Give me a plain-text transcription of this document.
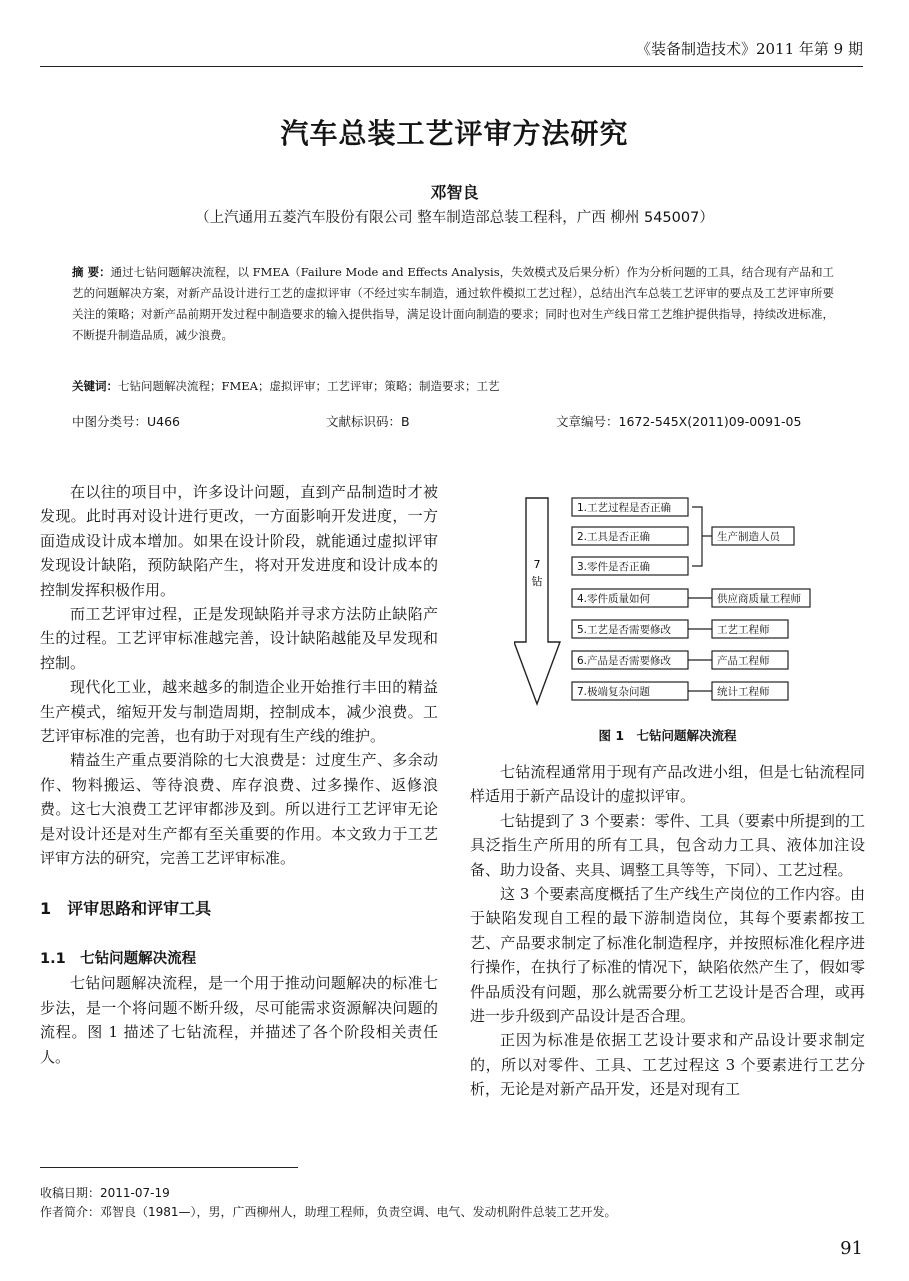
《装备制造技术》2011 年第 9 期
汽车总装工艺评审方法研究
邓智良
（上汽通用五菱汽车股份有限公司 整车制造部总装工程科，广西 柳州 545007）
摘 要：通过七钻问题解决流程，以 FMEA（Failure Mode and Effects Analysis，失效模式及后果分析）作为分析问题的工具，结合现有产品和工艺的问题解决方案，对新产品设计进行工艺的虚拟评审（不经过实车制造，通过软件模拟工艺过程），总结出汽车总装工艺评审的要点及工艺评审所要关注的策略；对新产品前期开发过程中制造要求的输入提供指导，满足设计面向制造的要求；同时也对生产线日常工艺维护提供指导，持续改进标准，不断提升制造品质，减少浪费。
关键词：七钻问题解决流程；FMEA；虚拟评审；工艺评审；策略；制造要求；工艺
中图分类号：U466	文献标识码：B	文章编号：1672-545X(2011)09-0091-05

在以往的项目中，许多设计问题，直到产品制造时才被发现。此时再对设计进行更改，一方面影响开发进度，一方面造成设计成本增加。如果在设计阶段，就能通过虚拟评审发现设计缺陷，预防缺陷产生，将对开发进度和设计成本的控制发挥积极作用。

而工艺评审过程，正是发现缺陷并寻求方法防止缺陷产生的过程。工艺评审标准越完善，设计缺陷越能及早发现和控制。

现代化工业，越来越多的制造企业开始推行丰田的精益生产模式，缩短开发与制造周期，控制成本，减少浪费。工艺评审标准的完善，也有助于对现有生产线的维护。

精益生产重点要消除的七大浪费是：过度生产、多余动作、物料搬运、等待浪费、库存浪费、过多操作、返修浪费。这七大浪费工艺评审都涉及到。所以进行工艺评审无论是对设计还是对生产都有至关重要的作用。本文致力于工艺评审方法的研究，完善工艺评审标准。

1　评审思路和评审工具
1.1　七钻问题解决流程

七钻问题解决流程，是一个用于推动问题解决的标准七步法，是一个将问题不断升级，尽可能需求资源解决问题的流程。图 1 描述了七钻流程，并描述了各个阶段相关责任人。

7
钻
1.工艺过程是否正确
2.工具是否正确
3.零件是否正确
4.零件质量如何
5.工艺是否需要修改
6.产品是否需要修改
7.极端复杂问题
生产制造人员
供应商质量工程师
工艺工程师
产品工程师
统计工程师
图 1　七钻问题解决流程

七钻流程通常用于现有产品改进小组，但是七钻流程同样适用于新产品设计的虚拟评审。

七钻提到了 3 个要素：零件、工具（要素中所提到的工具泛指生产所用的所有工具，包含动力工具、液体加注设备、助力设备、夹具、调整工具等等，下同）、工艺过程。

这 3 个要素高度概括了生产线生产岗位的工作内容。由于缺陷发现自工程的最下游制造岗位，其每个要素都按工艺、产品要求制定了标准化制造程序，并按照标准化程序进行操作，在执行了标准的情况下，缺陷依然产生了，假如零件品质没有问题，那么就需要分析工艺设计是否合理，或再进一步升级到产品设计是否合理。

正因为标准是依据工艺设计要求和产品设计要求制定的，所以对零件、工具、工艺过程这 3 个要素进行工艺分析，无论是对新产品开发，还是对现有工

收稿日期：2011-07-19
作者简介：邓智良（1981—），男，广西柳州人，助理工程师，负责空调、电气、发动机附件总装工艺开发。
91
